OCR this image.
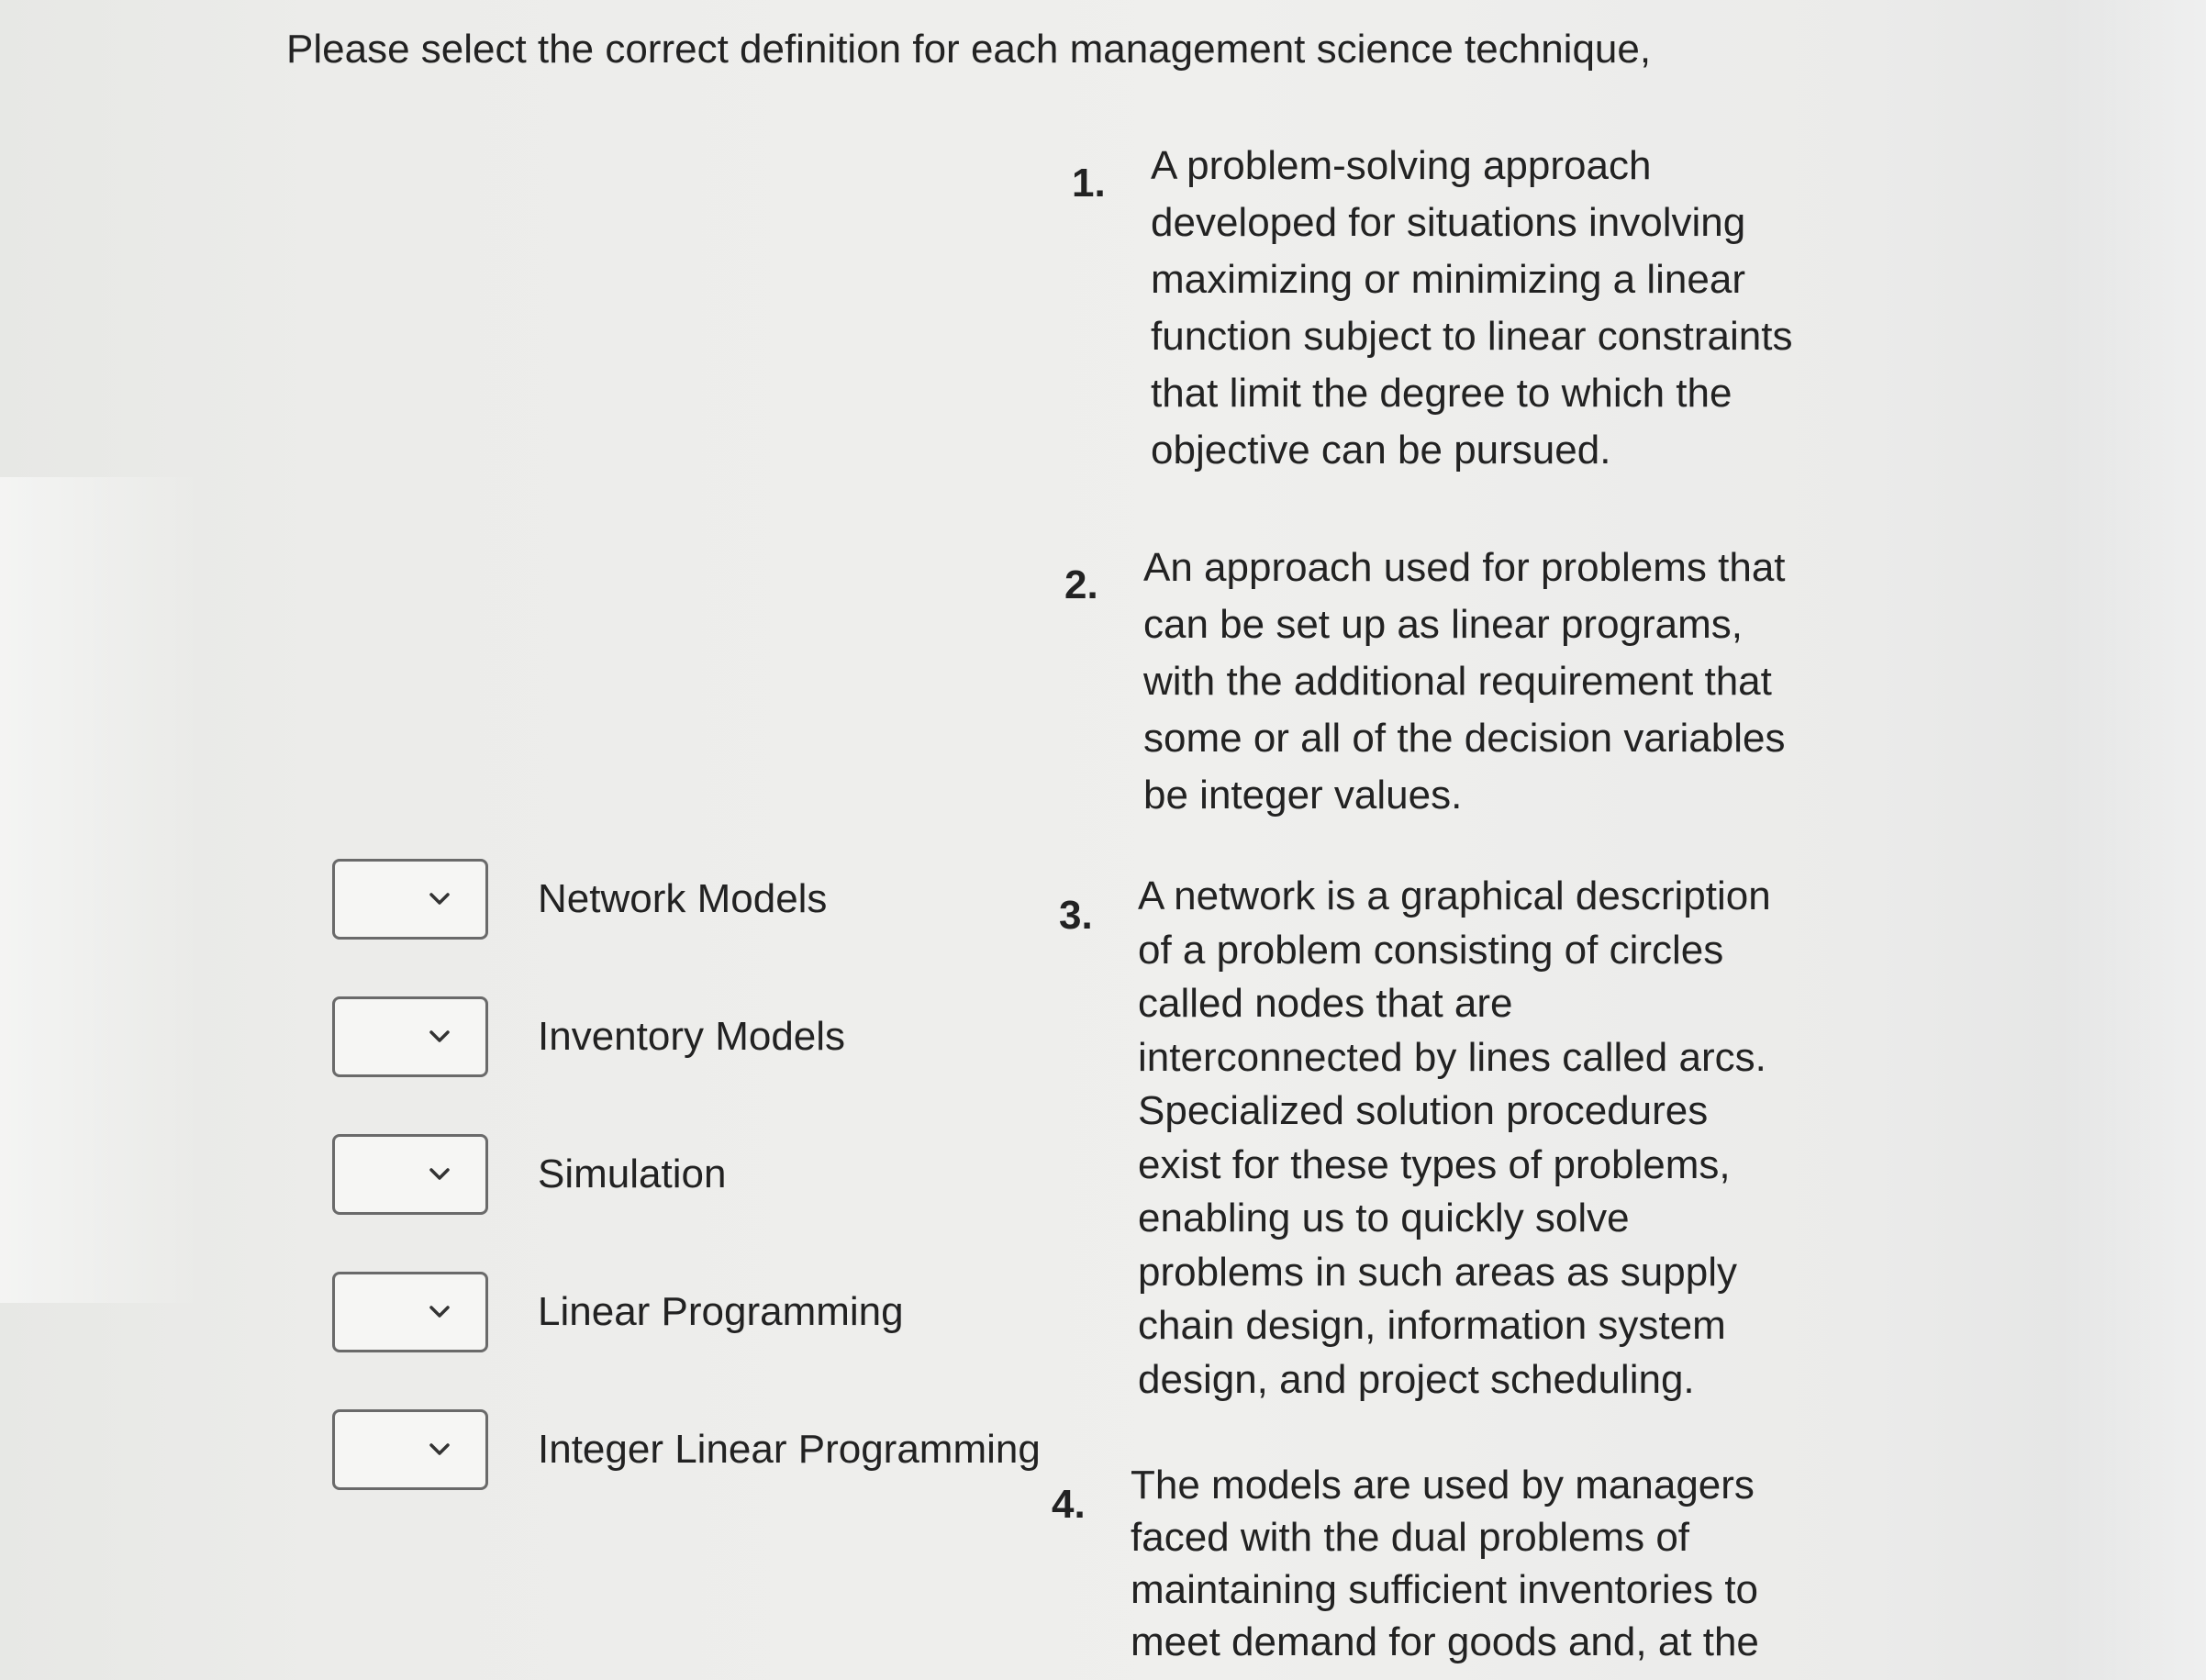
Please select the correct definition for each management science technique,
Network Models
Inventory Models
Simulation
Linear Programming
Integer Linear Programming
1.	A problem-solving approach developed for situations involving maximizing or minimizing a linear function subject to linear constraints that limit the degree to which the objective can be pursued.
2.	An approach used for problems that can be set up as linear programs, with the additional requirement that some or all of the decision variables be integer values.
3.	A network is a graphical description of a problem consisting of circles called nodes that are interconnected by lines called arcs. Specialized solution procedures exist for these types of problems, enabling us to quickly solve problems in such areas as supply chain design, information system design, and project scheduling.
4.	The models are used by managers faced with the dual problems of maintaining sufficient inventories to meet demand for goods and, at the
